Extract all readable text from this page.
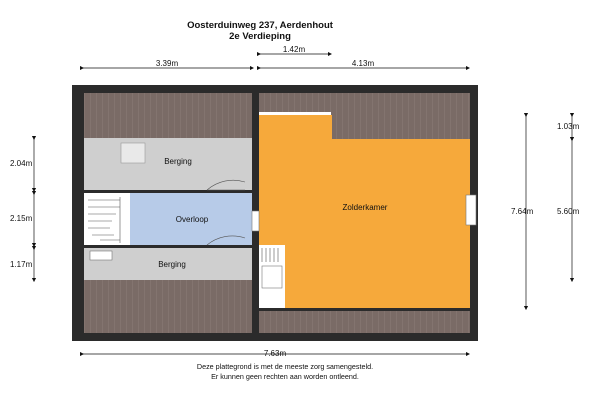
Oosterduinweg 237, Aerdenhout
2e Verdieping
Berging
Overloop
Berging
Zolderkamer
3.39m
1.42m
4.13m
2.04m
2.15m
1.17m
7.64m
1.03m
5.60m
7.63m
Deze plattegrond is met de meeste zorg samengesteld.
Er kunnen geen rechten aan worden ontleend.
